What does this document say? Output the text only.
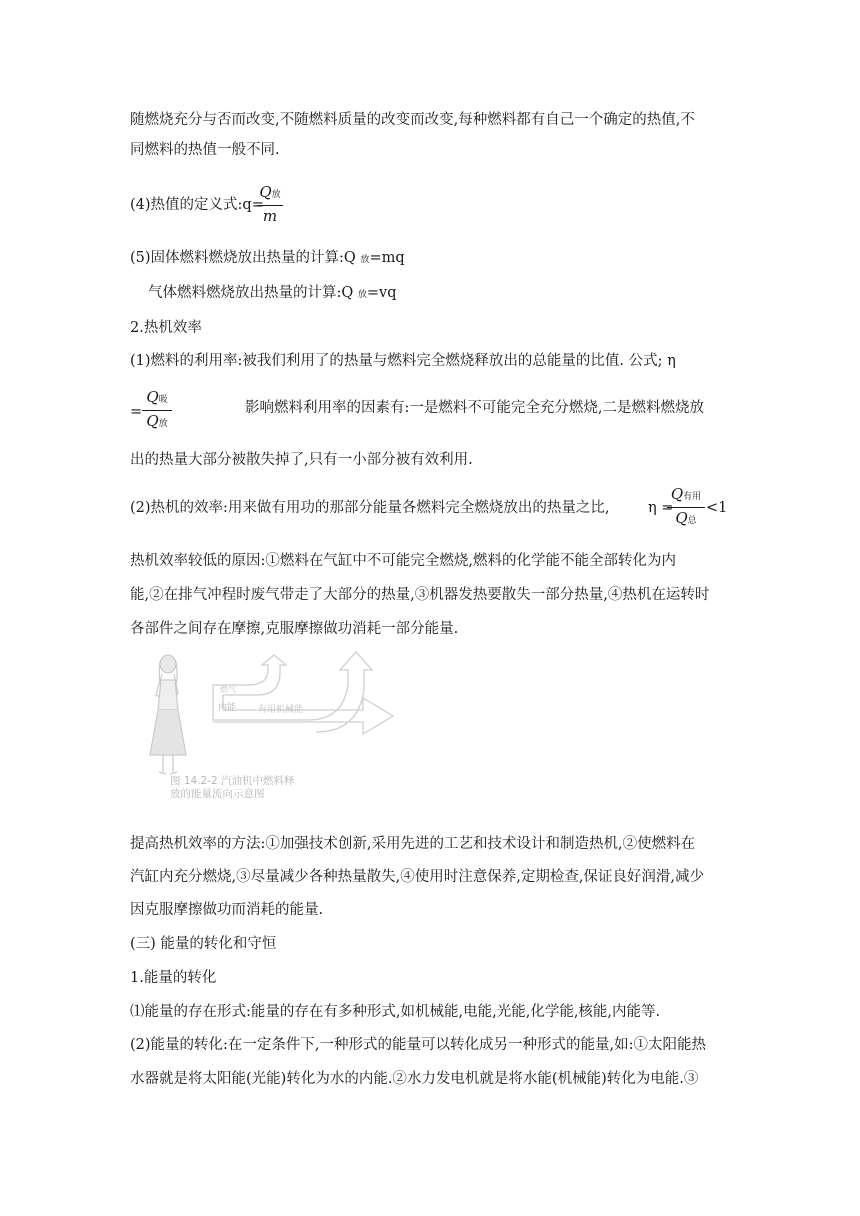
随燃烧充分与否而改变,不随燃料质量的改变而改变,每种燃料都有自己一个确定的热值,不
同燃料的热值一般不同.
(4)热值的定义式:q=
Q放
m
(5)固体燃料燃烧放出热量的计算:Q 放=mq
气体燃料燃烧放出热量的计算:Q 放=vq
2.热机效率
(1)燃料的利用率:被我们利用了的热量与燃料完全燃烧释放出的总能量的比值. 公式; η
=
Q吸
Q放
影响燃料利用率的因素有:一是燃料不可能完全充分燃烧,二是燃料燃烧放
出的热量大部分被散失掉了,只有一小部分被有效利用.
(2)热机的效率:用来做有用功的那部分能量各燃料完全燃烧放出的热量之比,	η =
Q有用
Q总
<1
热机效率较低的原因:①燃料在气缸中不可能完全燃烧,燃料的化学能不能全部转化为内
能,②在排气冲程时废气带走了大部分的热量,③机器发热要散失一部分热量,④热机在运转时
各部件之间存在摩擦,克服摩擦做功消耗一部分能量.
燃气
内能 有用机械能
图 14.2-2 汽油机中燃料释
放的能量流向示意图
提高热机效率的方法:①加强技术创新,采用先进的工艺和技术设计和制造热机,②使燃料在
汽缸内充分燃烧,③尽量减少各种热量散失,④使用时注意保养,定期检查,保证良好润滑,减少
因克服摩擦做功而消耗的能量.
(三) 能量的转化和守恒
1.能量的转化
⑴能量的存在形式:能量的存在有多种形式,如机械能,电能,光能,化学能,核能,内能等.
(2)能量的转化:在一定条件下,一种形式的能量可以转化成另一种形式的能量,如:①太阳能热
水器就是将太阳能(光能)转化为水的内能.②水力发电机就是将水能(机械能)转化为电能.③
